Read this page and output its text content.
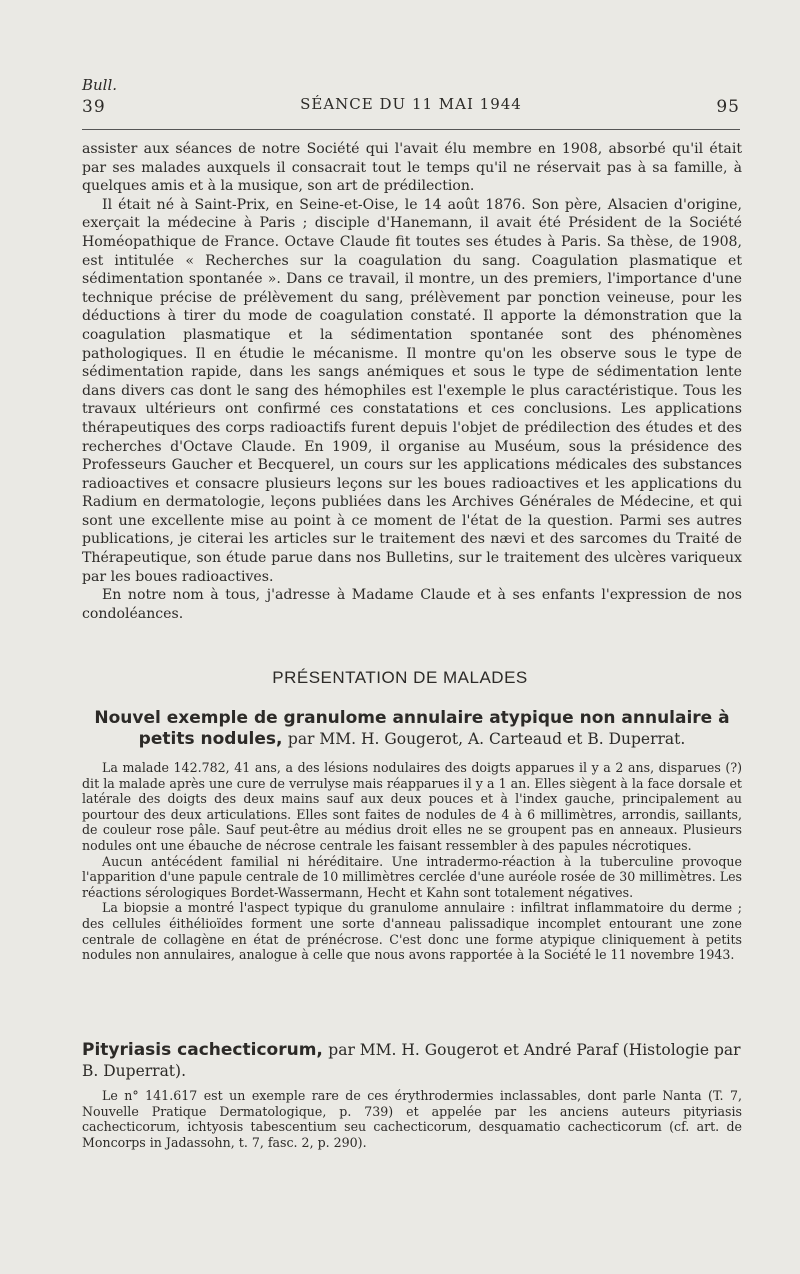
Bull.
39	SÉANCE DU 11 MAI 1944	95

assister aux séances de notre Société qui l'avait élu membre en 1908, absorbé qu'il était par ses malades auxquels il consacrait tout le temps qu'il ne réservait pas à sa famille, à quelques amis et à la musique, son art de prédilection.

Il était né à Saint-Prix, en Seine-et-Oise, le 14 août 1876. Son père, Alsacien d'origine, exerçait la médecine à Paris ; disciple d'Hanemann, il avait été Président de la Société Homéopathique de France. Octave Claude fit toutes ses études à Paris. Sa thèse, de 1908, est intitulée « Recherches sur la coagulation du sang. Coagulation plasmatique et sédimentation spontanée ». Dans ce travail, il montre, un des premiers, l'importance d'une technique précise de prélèvement du sang, prélèvement par ponction veineuse, pour les déductions à tirer du mode de coagulation constaté. Il apporte la démonstration que la coagulation plasmatique et la sédimentation spontanée sont des phénomènes pathologiques. Il en étudie le mécanisme. Il montre qu'on les observe sous le type de sédimentation rapide, dans les sangs anémiques et sous le type de sédimentation lente dans divers cas dont le sang des hémophiles est l'exemple le plus caractéristique. Tous les travaux ultérieurs ont confirmé ces constatations et ces conclusions. Les applications thérapeutiques des corps radioactifs furent depuis l'objet de prédilection des études et des recherches d'Octave Claude. En 1909, il organise au Muséum, sous la présidence des Professeurs Gaucher et Becquerel, un cours sur les applications médicales des substances radioactives et consacre plusieurs leçons sur les boues radioactives et les applications du Radium en dermatologie, leçons publiées dans les Archives Générales de Médecine, et qui sont une excellente mise au point à ce moment de l'état de la question. Parmi ses autres publications, je citerai les articles sur le traitement des nævi et des sarcomes du Traité de Thérapeutique, son étude parue dans nos Bulletins, sur le traitement des ulcères variqueux par les boues radioactives.

En notre nom à tous, j'adresse à Madame Claude et à ses enfants l'expression de nos condoléances.

PRÉSENTATION DE MALADES
Nouvel exemple de granulome annulaire atypique non annulaire à petits nodules, par MM. H. Gougerot, A. Carteaud et B. Duperrat.

La malade 142.782, 41 ans, a des lésions nodulaires des doigts apparues il y a 2 ans, disparues (?) dit la malade après une cure de verrulyse mais réapparues il y a 1 an. Elles siègent à la face dorsale et latérale des doigts des deux mains sauf aux deux pouces et à l'index gauche, principalement au pourtour des deux articulations. Elles sont faites de nodules de 4 à 6 millimètres, arrondis, saillants, de couleur rose pâle. Sauf peut-être au médius droit elles ne se groupent pas en anneaux. Plusieurs nodules ont une ébauche de nécrose centrale les faisant ressembler à des papules nécrotiques.

Aucun antécédent familial ni héréditaire. Une intradermo-réaction à la tuberculine provoque l'apparition d'une papule centrale de 10 millimètres cerclée d'une auréole rosée de 30 millimètres. Les réactions sérologiques Bordet-Wassermann, Hecht et Kahn sont totalement négatives.

La biopsie a montré l'aspect typique du granulome annulaire : infiltrat inflammatoire du derme ; des cellules éithélioïdes forment une sorte d'anneau palissadique incomplet entourant une zone centrale de collagène en état de prénécrose. C'est donc une forme atypique cliniquement à petits nodules non annulaires, analogue à celle que nous avons rapportée à la Société le 11 novembre 1943.

Pityriasis cachecticorum, par MM. H. Gougerot et André Paraf (Histologie par B. Duperrat).

Le n° 141.617 est un exemple rare de ces érythrodermies inclassables, dont parle Nanta (T. 7, Nouvelle Pratique Dermatologique, p. 739) et appelée par les anciens auteurs pityriasis cachecticorum, ichtyosis tabescentium seu cachecticorum, desquamatio cachecticorum (cf. art. de Moncorps in Jadassohn, t. 7, fasc. 2, p. 290).
